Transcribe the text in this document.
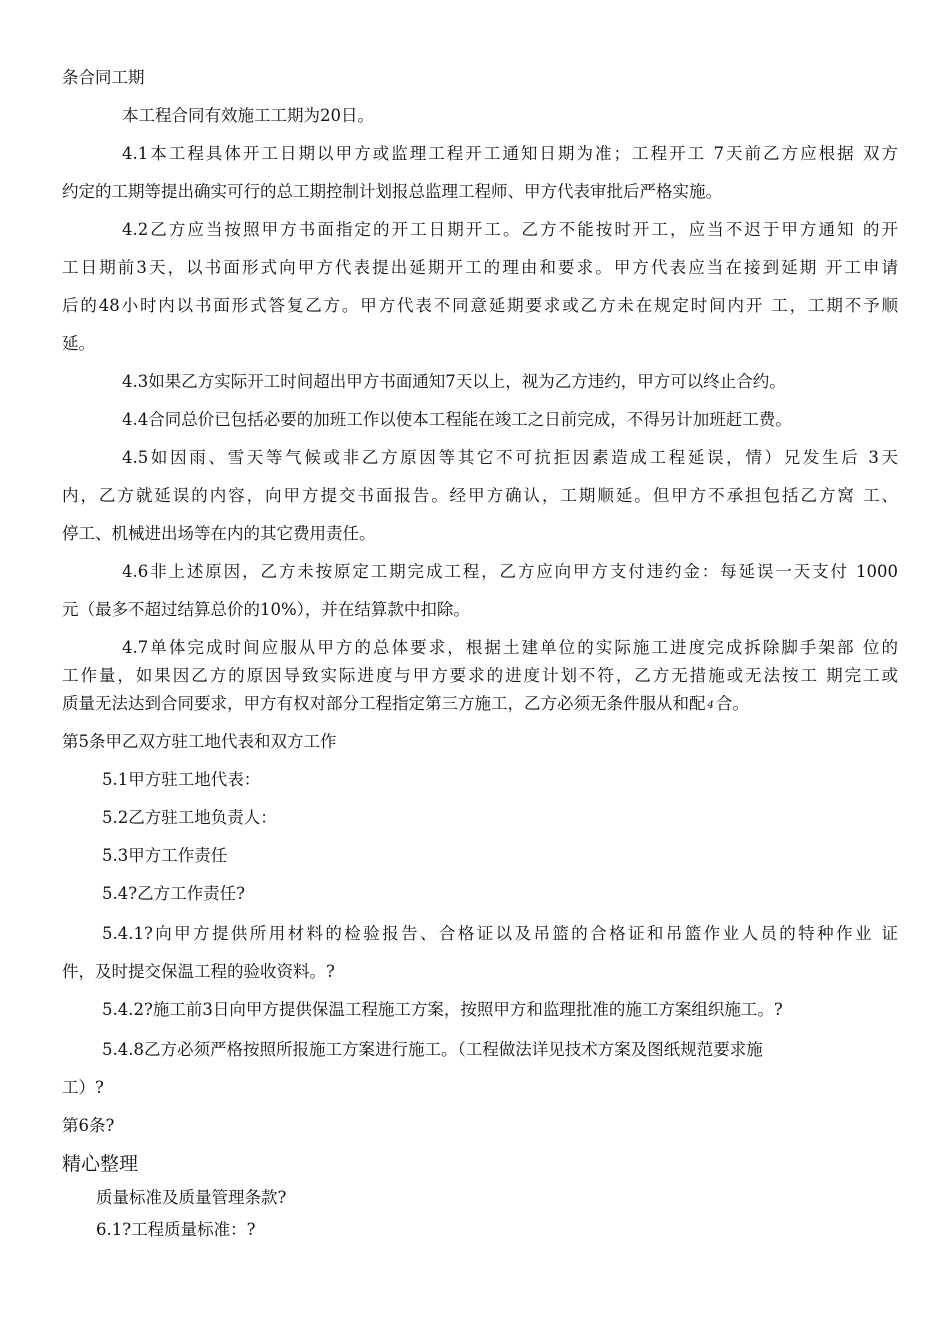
条合同工期
本工程合同有效施工工期为20日。
4.1本工程具体开工日期以甲方或监理工程开工通知日期为准；工程开工 7天前乙方应根据 双方
约定的工期等提出确实可行的总工期控制计划报总监理工程师、甲方代表审批后严格实施。
4.2乙方应当按照甲方书面指定的开工日期开工。乙方不能按时开工，应当不迟于甲方通知 的开
工日期前3天，以书面形式向甲方代表提出延期开工的理由和要求。甲方代表应当在接到延期 开工申请
后的48小时内以书面形式答复乙方。甲方代表不同意延期要求或乙方未在规定时间内开 工，工期不予顺
延。
4.3如果乙方实际开工时间超出甲方书面通知7天以上，视为乙方违约，甲方可以终止合约。
4.4合同总价已包括必要的加班工作以使本工程能在竣工之日前完成，不得另计加班赶工费。
4.5如因雨、雪天等气候或非乙方原因等其它不可抗拒因素造成工程延误，情）兄发生后 3天
内，乙方就延误的内容，向甲方提交书面报告。经甲方确认，工期顺延。但甲方不承担包括乙方窝 工、
停工、机械进出场等在内的其它费用责任。
4.6非上述原因，乙方未按原定工期完成工程，乙方应向甲方支付违约金：每延误一天支付 1000
元（最多不超过结算总价的10%），并在结算款中扣除。
4.7单体完成时间应服从甲方的总体要求，根据土建单位的实际施工进度完成拆除脚手架部 位的
工作量，如果因乙方的原因导致实际进度与甲方要求的进度计划不符，乙方无措施或无法按工 期完工或
质量无法达到合同要求，甲方有权对部分工程指定第三方施工，乙方必须无条件服从和配 4 合。
第5条甲乙双方驻工地代表和双方工作
5.1甲方驻工地代表：
5.2乙方驻工地负责人：
5.3甲方工作责任
5.4?乙方工作责任?
5.4.1?向甲方提供所用材料的检验报告、合格证以及吊篮的合格证和吊篮作业人员的特种作业 证
件，及时提交保温工程的验收资料。?
5.4.2?施工前3日向甲方提供保温工程施工方案，按照甲方和监理批准的施工方案组织施工。?
5.4.8乙方必须严格按照所报施工方案进行施工。（工程做法详见技术方案及图纸规范要求施
工）?
第6条?
精心整理
质量标准及质量管理条款?
6.1?工程质量标准：?
